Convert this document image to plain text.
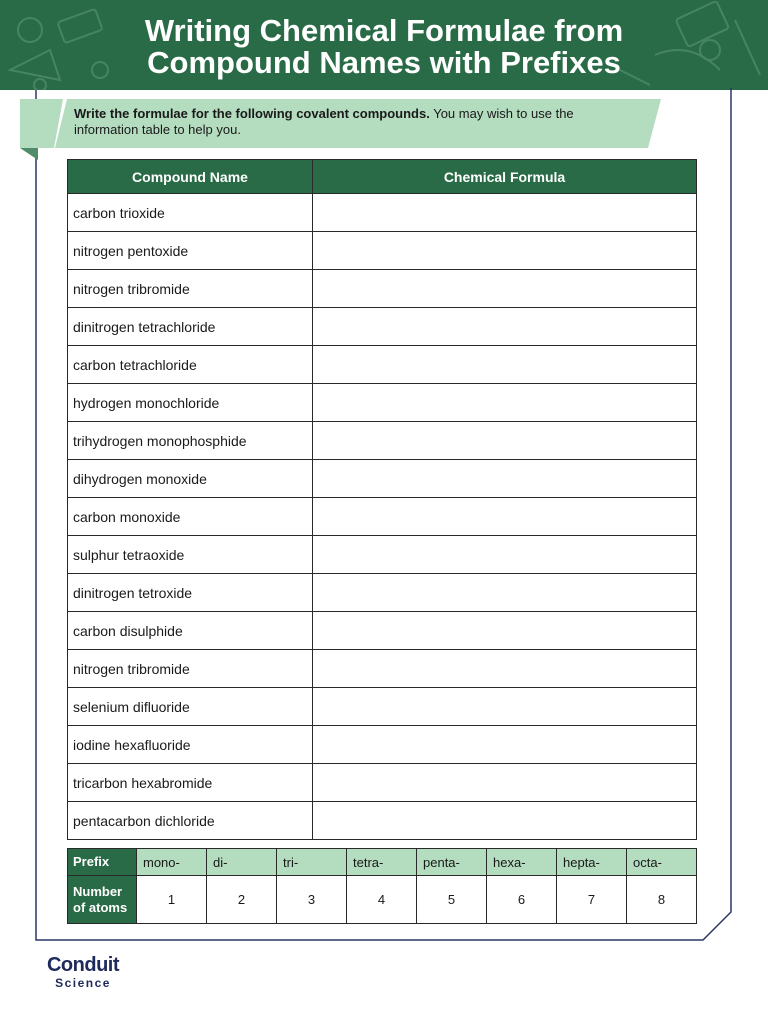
Writing Chemical Formulae from
Compound Names with Prefixes
Write the formulae for the following covalent compounds. You may wish to use the information table to help you.
Compound Name	Chemical Formula
carbon trioxide	
nitrogen pentoxide	
nitrogen tribromide	
dinitrogen tetrachloride	
carbon tetrachloride	
hydrogen monochloride	
trihydrogen monophosphide	
dihydrogen monoxide	
carbon monoxide	
sulphur tetraoxide	
dinitrogen tetroxide	
carbon disulphide	
nitrogen tribromide	
selenium difluoride	
iodine hexafluoride	
tricarbon hexabromide	
pentacarbon dichloride	
Prefix	mono-	di-	tri-	tetra-	penta-	hexa-	hepta-	octa-
Number
of atoms	1	2	3	4	5	6	7	8
Conduit
Science
